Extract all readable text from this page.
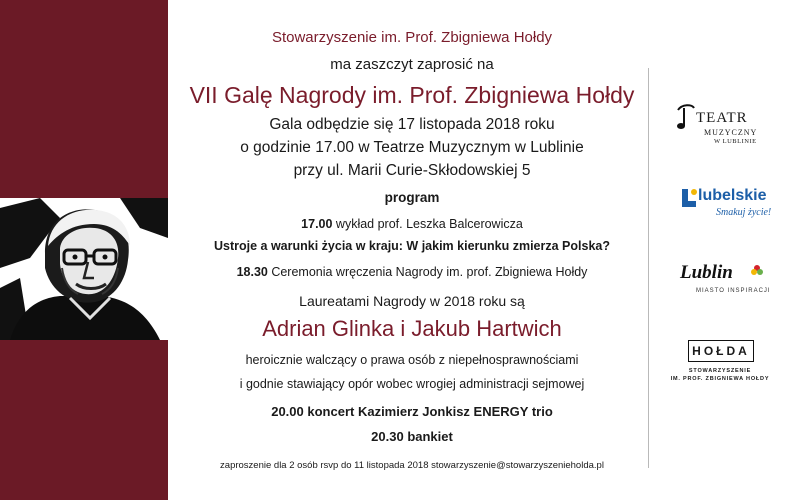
Stowarzyszenie im. Prof. Zbigniewa Hołdy
ma zaszczyt zaprosić na
VII Galę Nagrody im. Prof. Zbigniewa Hołdy
Gala odbędzie się 17 listopada 2018 roku
o godzinie 17.00 w Teatrze Muzycznym w Lublinie
przy ul. Marii Curie-Skłodowskiej 5
program
17.00 wykład prof. Leszka Balcerowicza
Ustroje a warunki życia w kraju: W jakim kierunku zmierza Polska?
18.30 Ceremonia wręczenia Nagrody im. prof. Zbigniewa Hołdy
Laureatami Nagrody w 2018 roku są
Adrian Glinka i Jakub Hartwich
heroicznie walczący o prawa osób z niepełnosprawnościami
i godnie stawiający opór wobec wrogiej administracji sejmowej
20.00 koncert Kazimierz Jonkisz ENERGY trio
20.30 bankiet
zaproszenie dla 2 osób rsvp do 11 listopada 2018 stowarzyszenie@stowarzyszenieholda.pl
TEATR
MUZYCZNY
W LUBLINIE
lubelskie
Smakuj życie!
Lublin
MIASTO INSPIRACJI
HOŁDA
STOWARZYSZENIE
IM. PROF. ZBIGNIEWA HOŁDY
